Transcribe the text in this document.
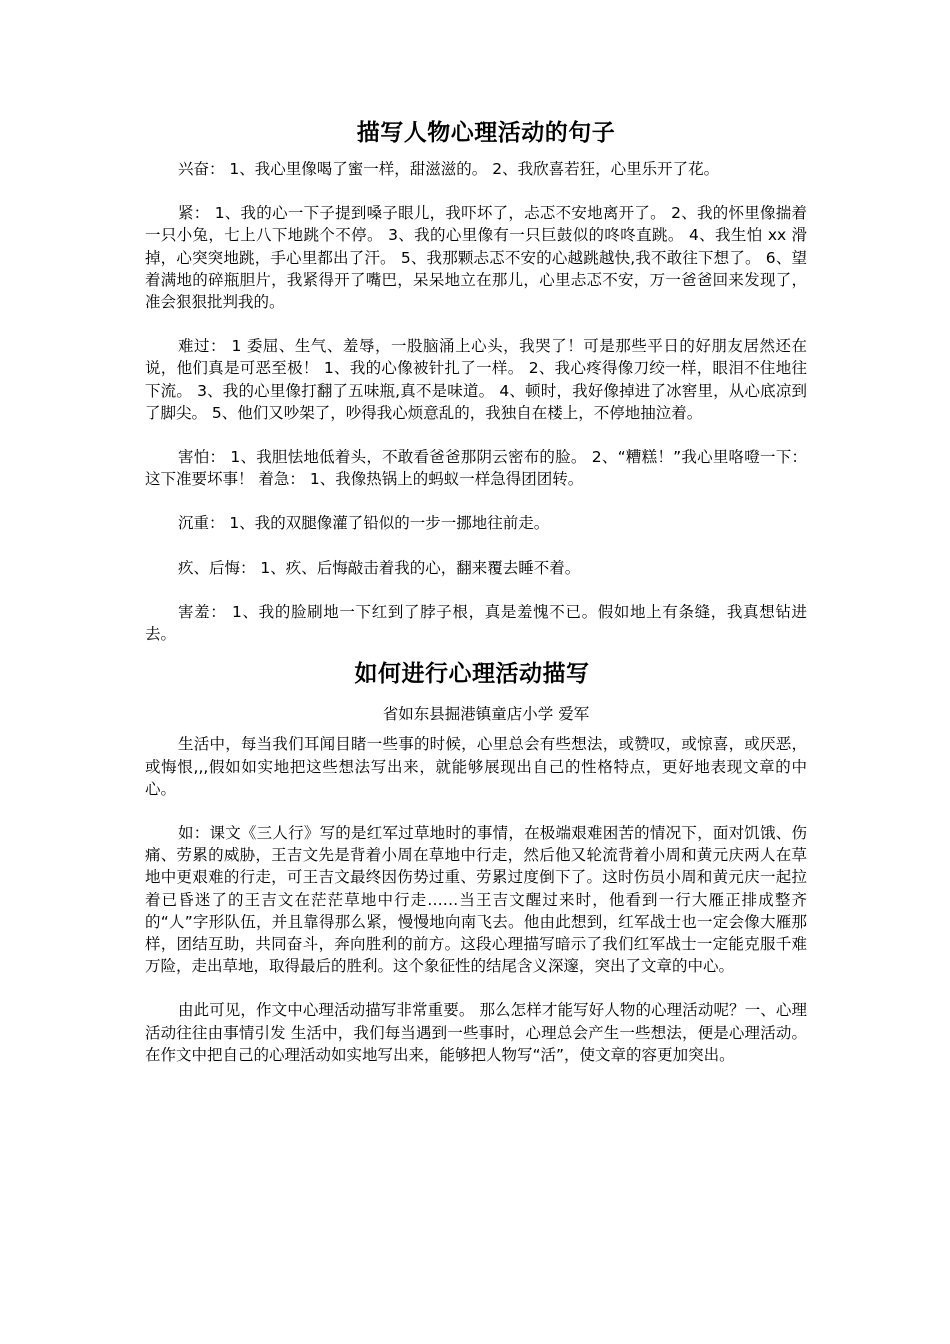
描写人物心理活动的句子

兴奋： 1、我心里像喝了蜜一样，甜滋滋的。 2、我欣喜若狂，心里乐开了花。

紧： 1、我的心一下子提到嗓子眼儿，我吓坏了，忐忑不安地离开了。 2、我的怀里像揣着一只小兔，七上八下地跳个不停。 3、我的心里像有一只巨鼓似的咚咚直跳。 4、我生怕 xx 滑掉，心突突地跳，手心里都出了汗。 5、我那颗忐忑不安的心越跳越快,我不敢往下想了。 6、望着满地的碎瓶胆片，我紧得开了嘴巴，呆呆地立在那儿，心里忐忑不安，万一爸爸回来发现了，准会狠狠批判我的。

难过： 1 委屈、生气、羞辱，一股脑涌上心头，我哭了！可是那些平日的好朋友居然还在说，他们真是可恶至极！ 1、我的心像被针扎了一样。 2、我心疼得像刀绞一样，眼泪不住地往下流。 3、我的心里像打翻了五味瓶,真不是味道。 4、顿时，我好像掉进了冰窖里，从心底凉到了脚尖。 5、他们又吵架了，吵得我心烦意乱的，我独自在楼上，不停地抽泣着。

害怕： 1、我胆怯地低着头，不敢看爸爸那阴云密布的脸。 2、“糟糕！”我心里咯噔一下：这下准要坏事！ 着急： 1、我像热锅上的蚂蚁一样急得团团转。

沉重： 1、我的双腿像灌了铅似的一步一挪地往前走。

疚、后悔： 1、疚、后悔敲击着我的心，翻来覆去睡不着。

害羞： 1、我的脸刷地一下红到了脖子根，真是羞愧不已。假如地上有条缝，我真想钻进去。

如何进行心理活动描写

省如东县掘港镇童店小学 爱军

生活中，每当我们耳闻目睹一些事的时候，心里总会有些想法，或赞叹，或惊喜，或厌恶，或悔恨,,,假如如实地把这些想法写出来，就能够展现出自己的性格特点，更好地表现文章的中心。

如：课文《三人行》写的是红军过草地时的事情，在极端艰难困苦的情况下，面对饥饿、伤痛、劳累的威胁，王吉文先是背着小周在草地中行走，然后他又轮流背着小周和黄元庆两人在草地中更艰难的行走，可王吉文最终因伤势过重、劳累过度倒下了。这时伤员小周和黄元庆一起拉着已昏迷了的王吉文在茫茫草地中行走……当王吉文醒过来时，他看到一行大雁正排成整齐的“人”字形队伍，并且靠得那么紧，慢慢地向南飞去。他由此想到，红军战士也一定会像大雁那样，团结互助，共同奋斗，奔向胜利的前方。这段心理描写暗示了我们红军战士一定能克服千难万险，走出草地，取得最后的胜利。这个象征性的结尾含义深邃，突出了文章的中心。

由此可见，作文中心理活动描写非常重要。 那么怎样才能写好人物的心理活动呢？一、心理活动往往由事情引发 生活中，我们每当遇到一些事时，心理总会产生一些想法，便是心理活动。在作文中把自己的心理活动如实地写出来，能够把人物写“活”，使文章的容更加突出。
